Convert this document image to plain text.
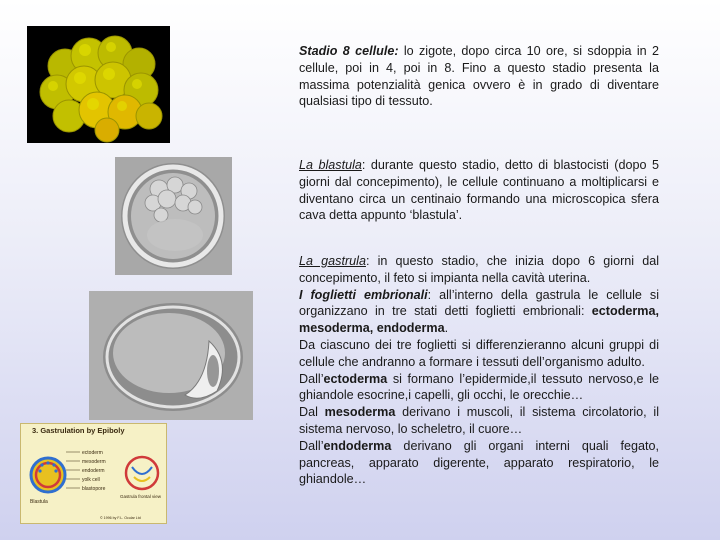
3. Gastrulation by Epiboly
ectoderm
mesoderm
endoderm
yolk cell
blastopore
Blastula
Gastrula frontal view
© 1996 by F.L. Ocular Ltd

Stadio 8 cellule: lo zigote, dopo circa 10 ore, si sdoppia in 2 cellule, poi in 4, poi in 8. Fino a questo stadio presenta la massima potenzialità genica ovvero è in grado di diventare qualsiasi tipo di tessuto.

La blastula: durante questo stadio, detto di blastocisti (dopo 5 giorni dal concepimento), le cellule continuano a moltiplicarsi e diventano circa un centinaio formando una microscopica sfera cava detta appunto ‘blastula’.

La gastrula: in questo stadio, che inizia dopo 6 giorni dal concepimento, il feto si impianta nella cavità uterina.

I foglietti embrionali: all’interno della gastrula le cellule si organizzano in tre stati detti foglietti embrionali: ectoderma, mesoderma, endoderma.

Da ciascuno dei tre foglietti si differenzieranno alcuni gruppi di cellule che andranno a formare i tessuti dell’organismo adulto.

Dall’ectoderma si formano l’epidermide,il tessuto nervoso,e le ghiandole esocrine,i capelli, gli occhi, le orecchie…

Dal mesoderma derivano i muscoli, il sistema circolatorio, il sistema nervoso, lo scheletro, il cuore…

Dall’endoderma derivano gli organi interni quali fegato, pancreas, apparato digerente, apparato respiratorio, le ghiandole…
